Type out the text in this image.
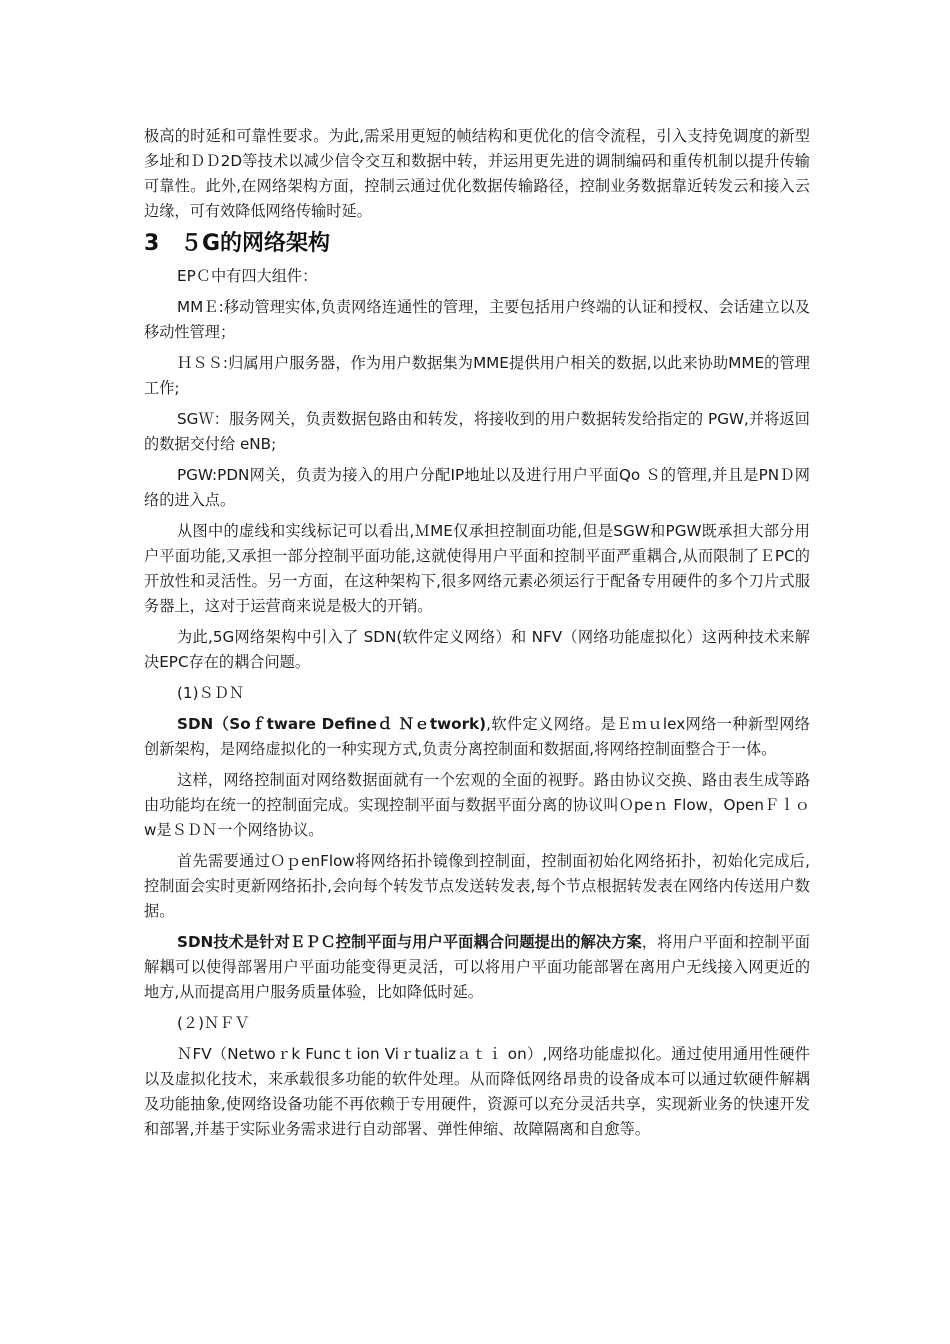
极高的时延和可靠性要求。为此,需采用更短的帧结构和更优化的信令流程，引入支持免调度的新型多址和ＤＤ2D等技术以减少信令交互和数据中转，并运用更先进的调制编码和重传机制以提升传输可靠性。此外,在网络架构方面，控制云通过优化数据传输路径，控制业务数据靠近转发云和接入云边缘，可有效降低网络传输时延。

3 ５G的网络架构

EPＣ中有四大组件：

MMＥ:移动管理实体,负责网络连通性的管理，主要包括用户终端的认证和授权、会话建立以及移动性管理；

ＨＳＳ:归属用户服务器，作为用户数据集为MME提供用户相关的数据,以此来协助MME的管理工作;

SGＷ：服务网关，负责数据包路由和转发，将接收到的用户数据转发给指定的 PGW,并将返回的数据交付给 eNB;

PGW:PDN网关，负责为接入的用户分配IP地址以及进行用户平面Qo Ｓ的管理,并且是PNＤ网络的进入点。

从图中的虚线和实线标记可以看出,ＭME仅承担控制面功能,但是SGW和PGW既承担大部分用户平面功能,又承担一部分控制平面功能,这就使得用户平面和控制平面严重耦合,从而限制了ＥPC的开放性和灵活性。另一方面，在这种架构下,很多网络元素必须运行于配备专用硬件的多个刀片式服务器上，这对于运营商来说是极大的开销。

为此,5G网络架构中引入了 SDN(软件定义网络）和 NFV（网络功能虚拟化）这两种技术来解决EPC存在的耦合问题。

(1)ＳＤＮ

SDN（Soｆtware Defineｄ Ｎｅtwork),软件定义网络。是Ｅｍｕlex网络一种新型网络创新架构，是网络虚拟化的一种实现方式,负责分离控制面和数据面,将网络控制面整合于一体。

这样，网络控制面对网络数据面就有一个宏观的全面的视野。路由协议交换、路由表生成等路由功能均在统一的控制面完成。实现控制平面与数据平面分离的协议叫Ｏpeｎ Flow，OpenＦｌｏw是ＳＤＮ一个网络协议。

首先需要通过ＯｐenFlow将网络拓扑镜像到控制面，控制面初始化网络拓扑，初始化完成后,控制面会实时更新网络拓扑,会向每个转发节点发送转发表,每个节点根据转发表在网络内传送用户数据。

SDN技术是针对ＥＰＣ控制平面与用户平面耦合问题提出的解决方案，将用户平面和控制平面解耦可以使得部署用户平面功能变得更灵活，可以将用户平面功能部署在离用户无线接入网更近的地方,从而提高用户服务质量体验，比如降低时延。

(２)ＮＦＶ

ＮFV（Netwoｒk Funcｔion Viｒtualizａｔｉ on）,网络功能虚拟化。通过使用通用性硬件以及虚拟化技术，来承载很多功能的软件处理。从而降低网络昂贵的设备成本可以通过软硬件解耦及功能抽象,使网络设备功能不再依赖于专用硬件，资源可以充分灵活共享，实现新业务的快速开发和部署,并基于实际业务需求进行自动部署、弹性伸缩、故障隔离和自愈等。
